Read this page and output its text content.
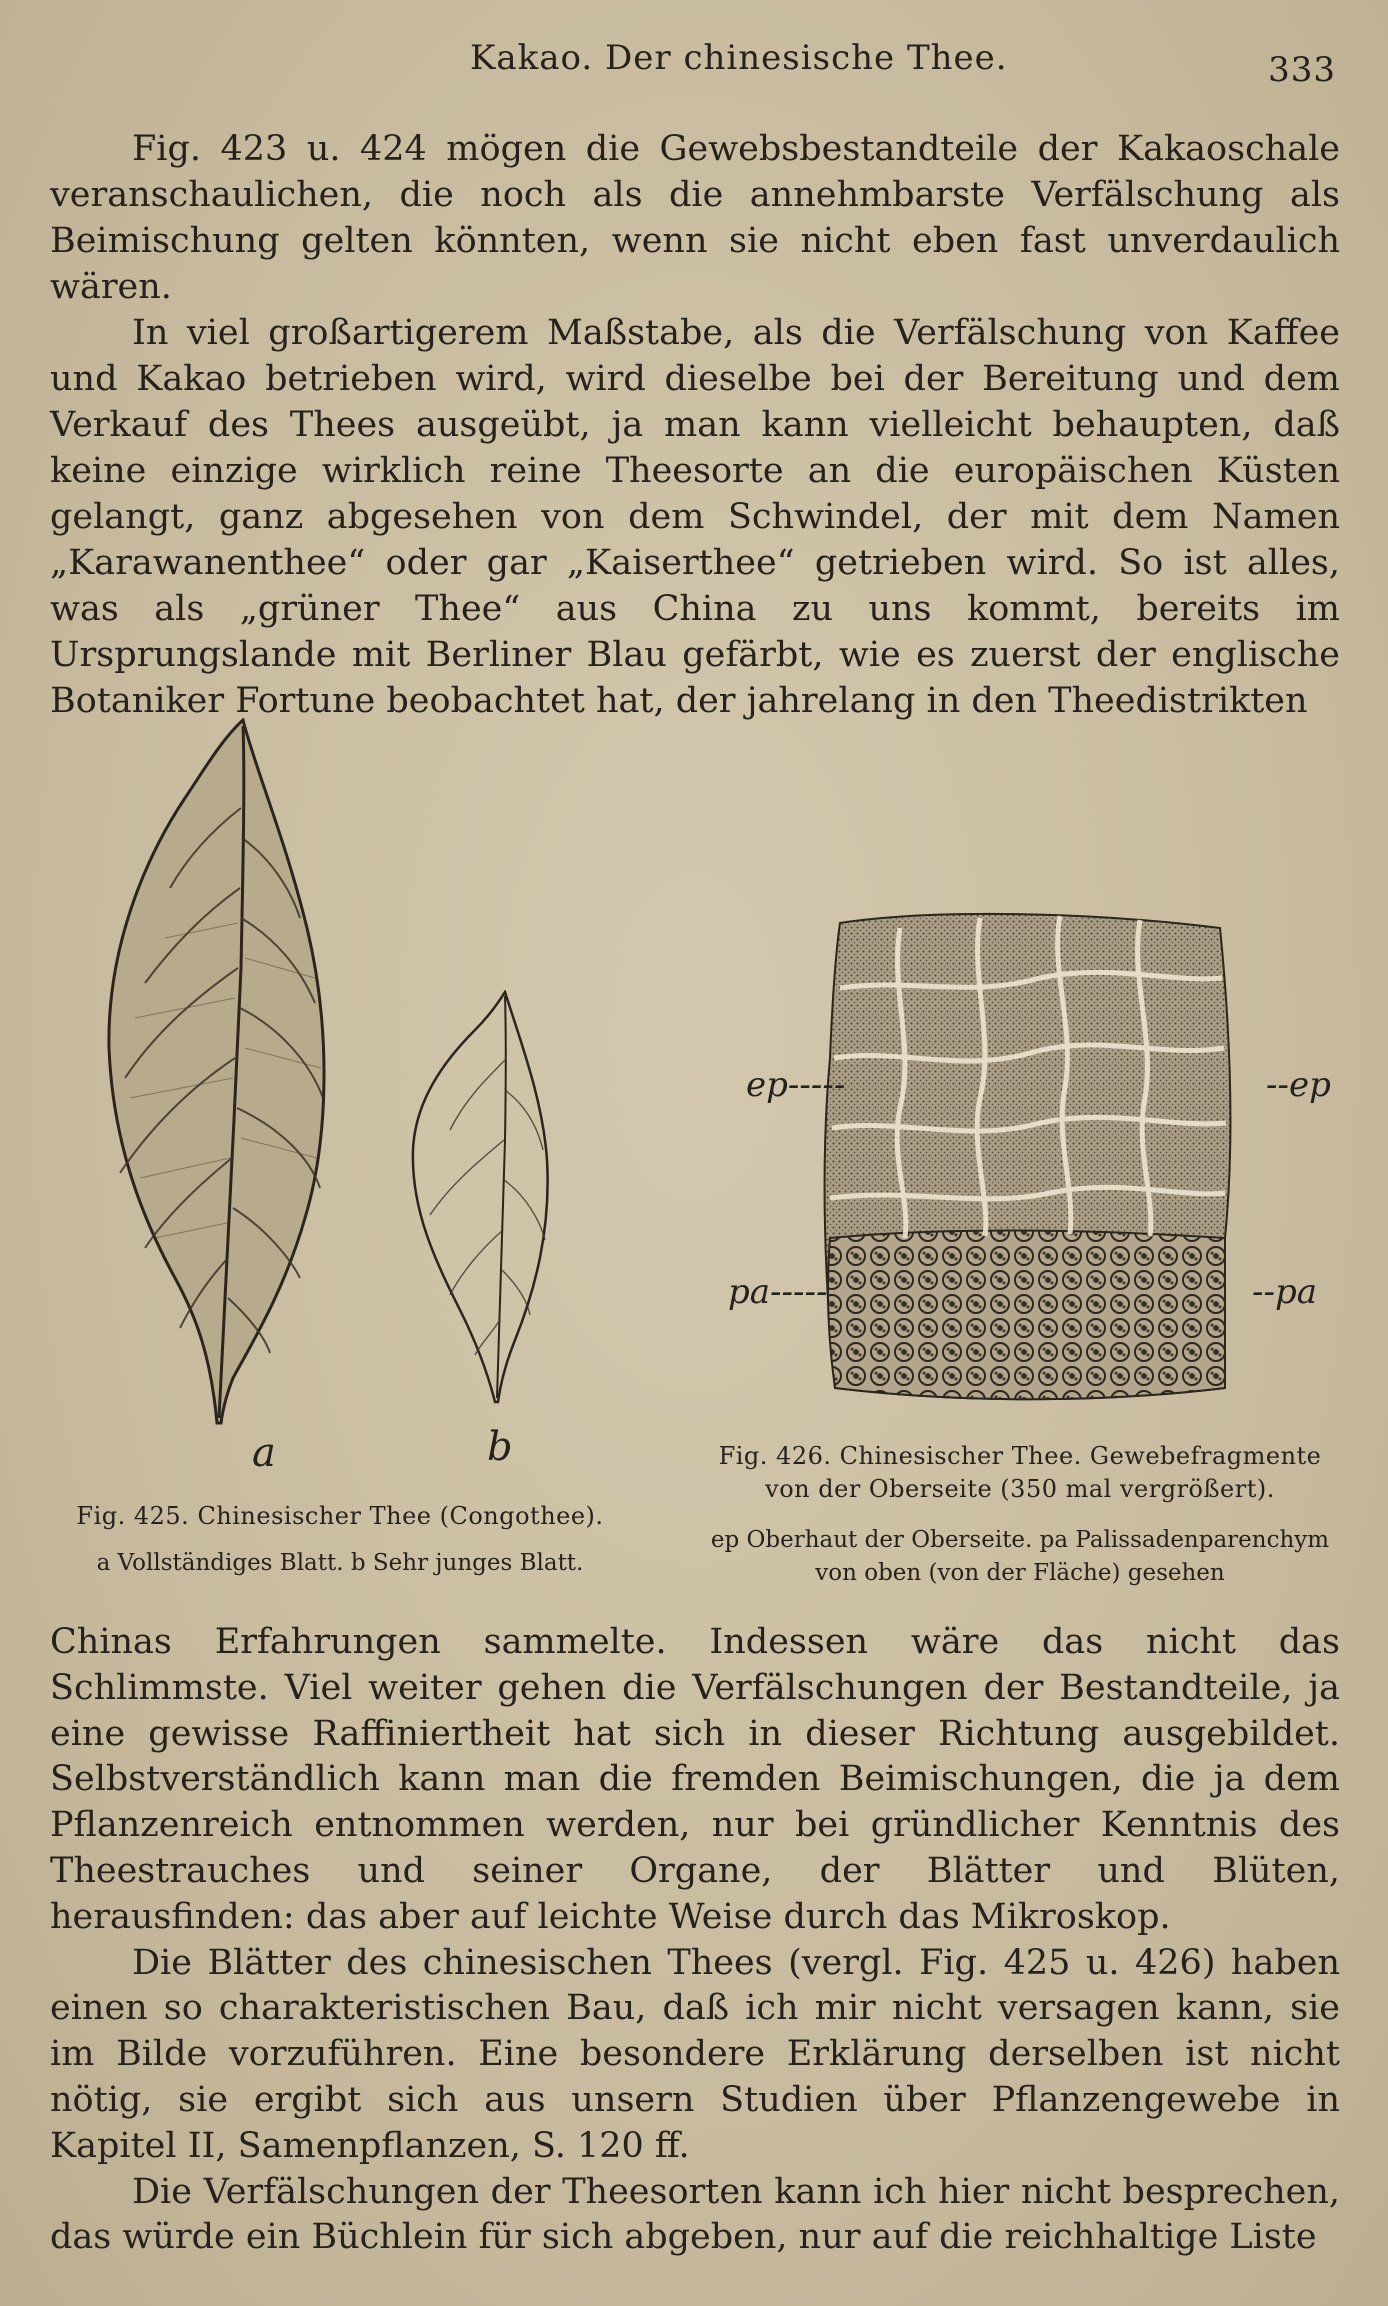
Kakao. Der chinesische Thee.	333

Fig. 423 u. 424 mögen die Gewebsbestandteile der Kakaoschale veranschaulichen, die noch als die annehmbarste Verfälschung als Beimischung gelten könnten, wenn sie nicht eben fast unverdaulich wären.

In viel großartigerem Maßstabe, als die Verfälschung von Kaffee und Kakao betrieben wird, wird dieselbe bei der Bereitung und dem Verkauf des Thees ausgeübt, ja man kann vielleicht behaupten, daß keine einzige wirklich reine Theesorte an die europäischen Küsten gelangt, ganz abgesehen von dem Schwindel, der mit dem Namen „Karawanenthee“ oder gar „Kaiserthee“ getrieben wird. So ist alles, was als „grüner Thee“ aus China zu uns kommt, bereits im Ursprungslande mit Berliner Blau gefärbt, wie es zuerst der englische Botaniker Fortune beobachtet hat, der jahrelang in den Theedistrikten

a	b
ep-----	--ep
pa-----	--pa
Fig. 425. Chinesischer Thee (Congothee).
a Vollständiges Blatt. b Sehr junges Blatt.
Fig. 426. Chinesischer Thee. Gewebefragmente
von der Oberseite (350 mal vergrößert).
ep Oberhaut der Oberseite. pa Palissadenparenchym
von oben (von der Fläche) gesehen

Chinas Erfahrungen sammelte. Indessen wäre das nicht das Schlimmste. Viel weiter gehen die Verfälschungen der Bestandteile, ja eine gewisse Raffiniertheit hat sich in dieser Richtung ausgebildet. Selbstverständlich kann man die fremden Beimischungen, die ja dem Pflanzenreich entnommen werden, nur bei gründlicher Kenntnis des Theestrauches und seiner Organe, der Blätter und Blüten, herausfinden: das aber auf leichte Weise durch das Mikroskop.

Die Blätter des chinesischen Thees (vergl. Fig. 425 u. 426) haben einen so charakteristischen Bau, daß ich mir nicht versagen kann, sie im Bilde vorzuführen. Eine besondere Erklärung derselben ist nicht nötig, sie ergibt sich aus unsern Studien über Pflanzengewebe in Kapitel II, Samenpflanzen, S. 120 ff.

Die Verfälschungen der Theesorten kann ich hier nicht besprechen, das würde ein Büchlein für sich abgeben, nur auf die reichhaltige Liste
